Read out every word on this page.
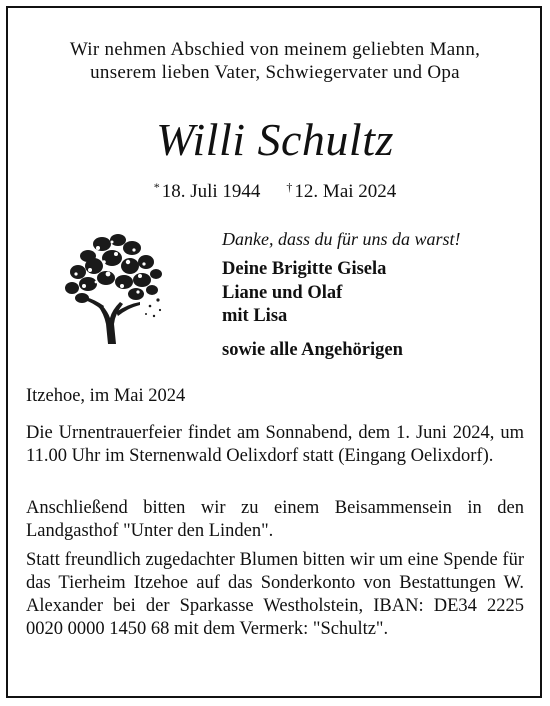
Wir nehmen Abschied von meinem geliebten Mann,
unserem lieben Vater, Schwiegervater und Opa
Willi Schultz
* 18. Juli 1944 † 12. Mai 2024
Danke, dass du für uns da warst!
Deine Brigitte Gisela
Liane und Olaf
mit Lisa
sowie alle Angehörigen
Itzehoe, im Mai 2024
Die Urnentrauerfeier findet am Sonnabend, dem 1. Juni 2024, um 11.00 Uhr im Sternenwald Oelixdorf statt (Eingang Oelixdorf).
Anschließend bitten wir zu einem Beisammensein in den Landgasthof "Unter den Linden".
Statt freundlich zugedachter Blumen bitten wir um eine Spende für das Tierheim Itzehoe auf das Sonderkonto von Bestattungen W. Alexander bei der Sparkasse Westholstein, IBAN: DE34 2225 0020 0000 1450 68 mit dem Vermerk: "Schultz".
